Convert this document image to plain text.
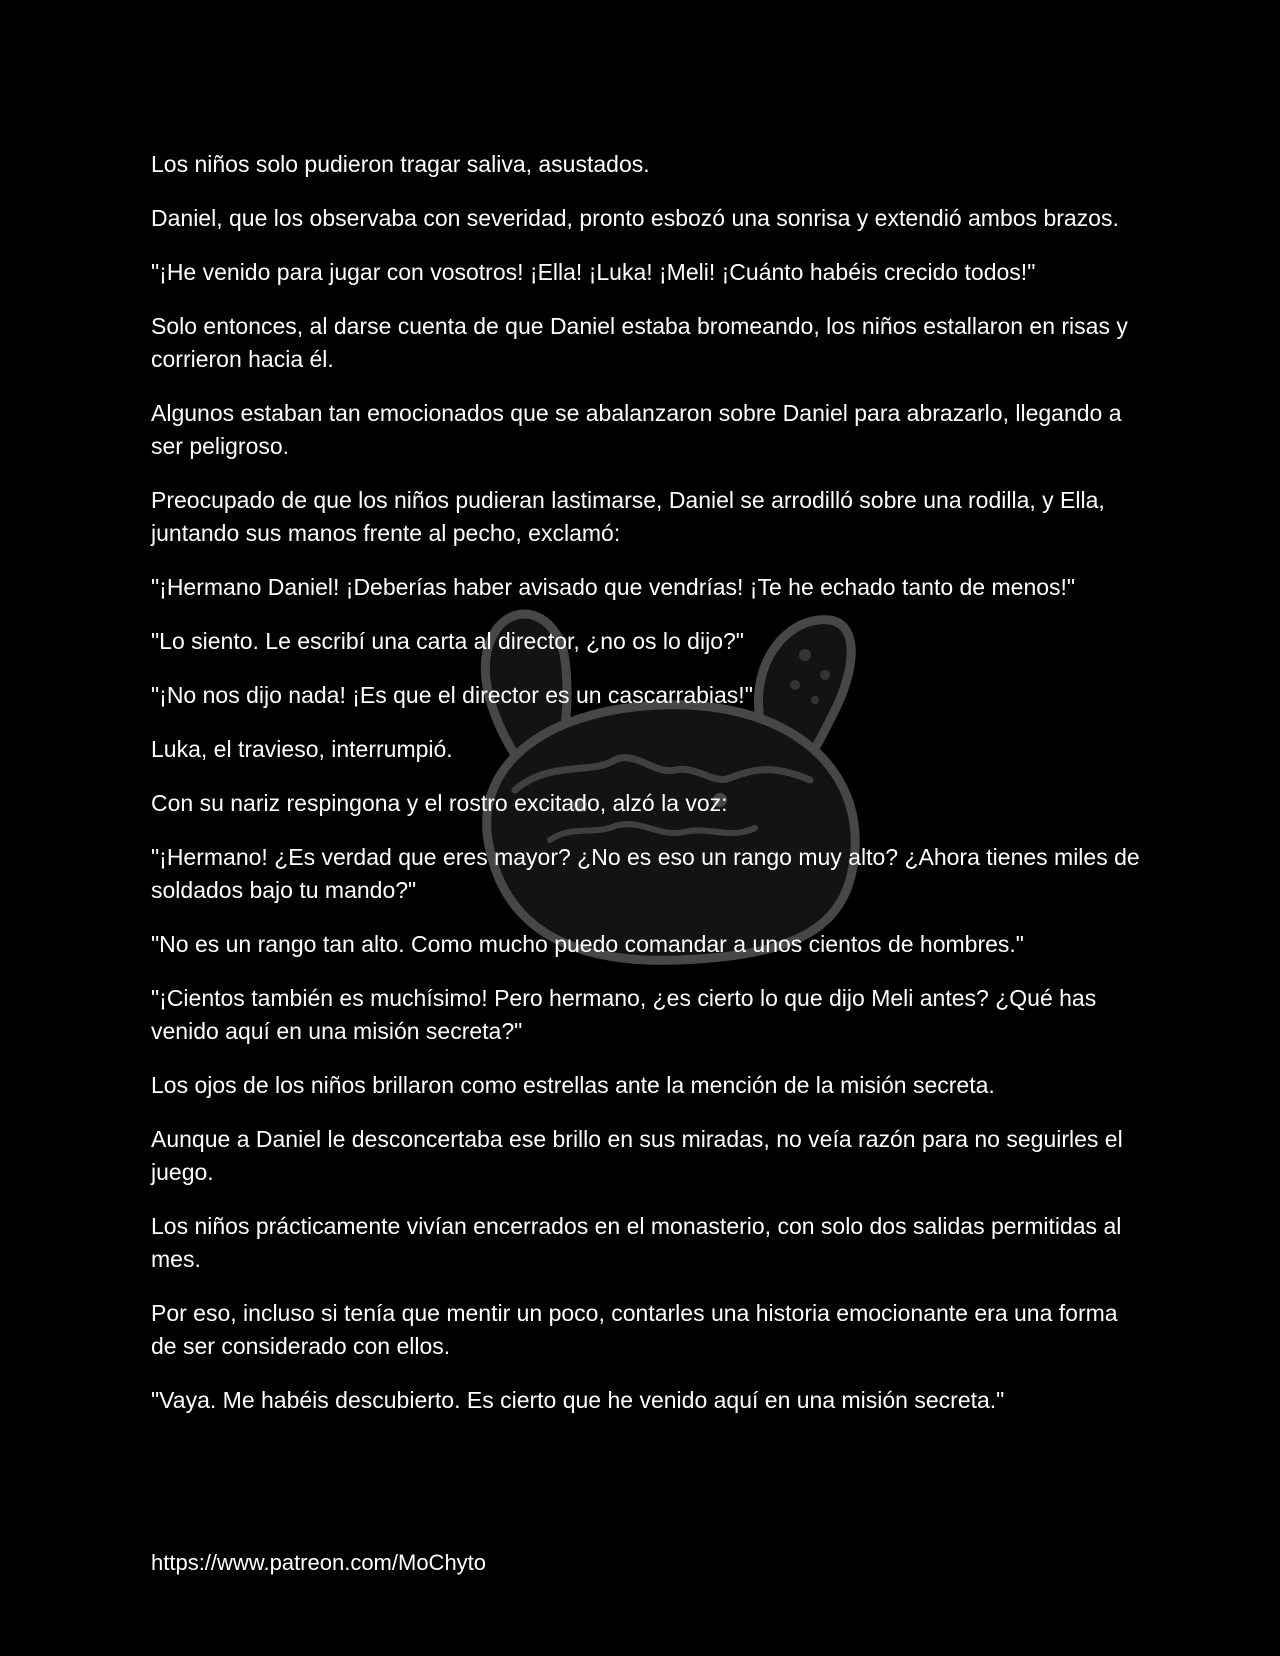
Los niños solo pudieron tragar saliva, asustados.

Daniel, que los observaba con severidad, pronto esbozó una sonrisa y extendió ambos brazos.

"¡He venido para jugar con vosotros! ¡Ella! ¡Luka! ¡Meli! ¡Cuánto habéis crecido todos!"

Solo entonces, al darse cuenta de que Daniel estaba bromeando, los niños estallaron en risas y corrieron hacia él.

Algunos estaban tan emocionados que se abalanzaron sobre Daniel para abrazarlo, llegando a ser peligroso.

Preocupado de que los niños pudieran lastimarse, Daniel se arrodilló sobre una rodilla, y Ella, juntando sus manos frente al pecho, exclamó:

"¡Hermano Daniel! ¡Deberías haber avisado que vendrías! ¡Te he echado tanto de menos!"

"Lo siento. Le escribí una carta al director, ¿no os lo dijo?"

"¡No nos dijo nada! ¡Es que el director es un cascarrabias!"

Luka, el travieso, interrumpió.

Con su nariz respingona y el rostro excitado, alzó la voz:

"¡Hermano! ¿Es verdad que eres mayor? ¿No es eso un rango muy alto? ¿Ahora tienes miles de soldados bajo tu mando?"

"No es un rango tan alto. Como mucho puedo comandar a unos cientos de hombres."

"¡Cientos también es muchísimo! Pero hermano, ¿es cierto lo que dijo Meli antes? ¿Qué has venido aquí en una misión secreta?"

Los ojos de los niños brillaron como estrellas ante la mención de la misión secreta.

Aunque a Daniel le desconcertaba ese brillo en sus miradas, no veía razón para no seguirles el juego.

Los niños prácticamente vivían encerrados en el monasterio, con solo dos salidas permitidas al mes.

Por eso, incluso si tenía que mentir un poco, contarles una historia emocionante era una forma de ser considerado con ellos.

"Vaya. Me habéis descubierto. Es cierto que he venido aquí en una misión secreta."

https://www.patreon.com/MoChyto
